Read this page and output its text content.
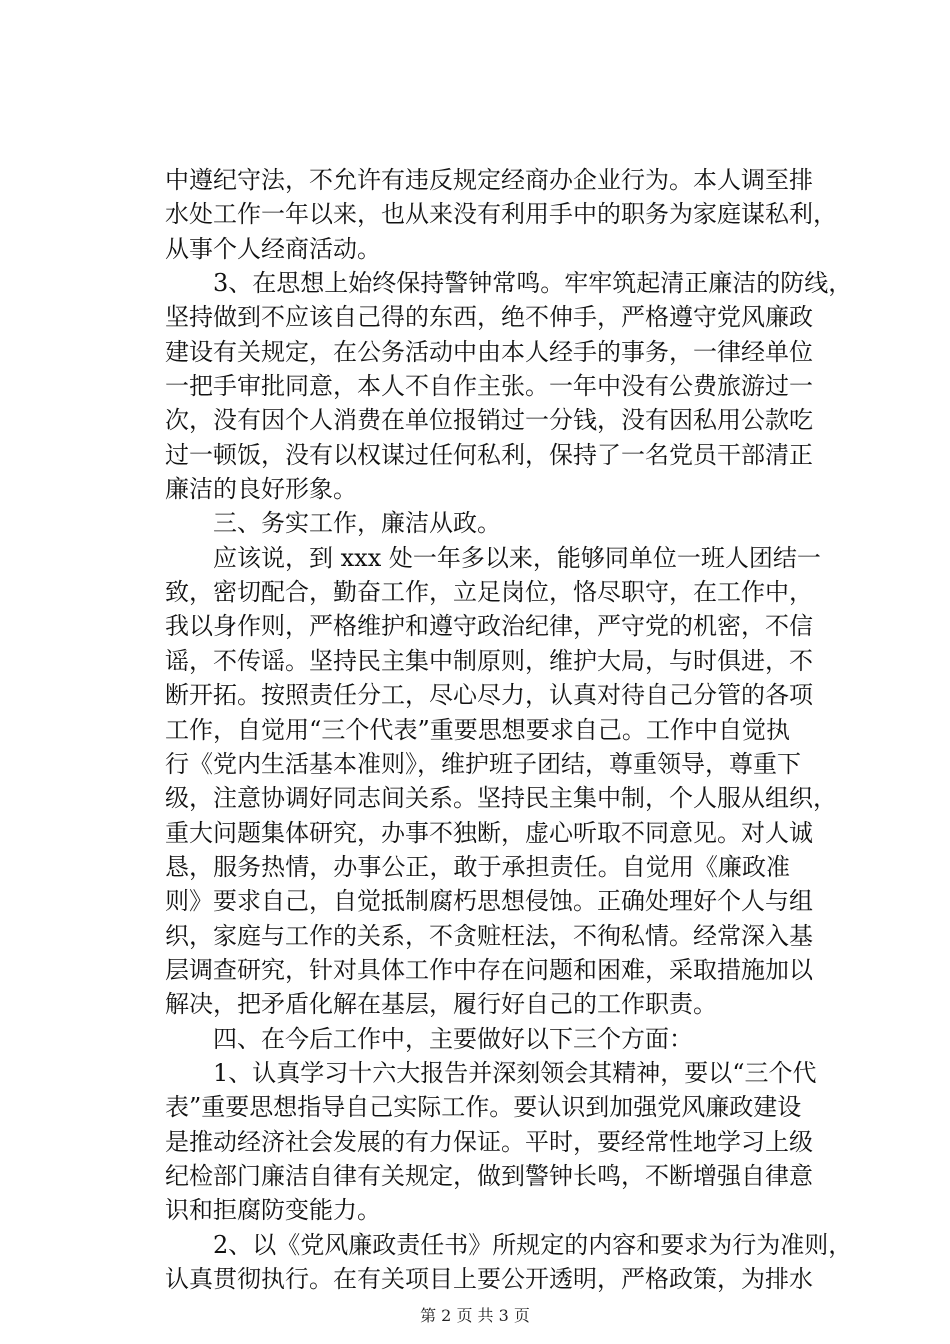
中遵纪守法，不允许有违反规定经商办企业行为。本人调至排
水处工作一年以来，也从来没有利用手中的职务为家庭谋私利，
从事个人经商活动。
　　3、在思想上始终保持警钟常鸣。牢牢筑起清正廉洁的防线，
坚持做到不应该自己得的东西，绝不伸手，严格遵守党风廉政
建设有关规定，在公务活动中由本人经手的事务，一律经单位
一把手审批同意，本人不自作主张。一年中没有公费旅游过一
次，没有因个人消费在单位报销过一分钱，没有因私用公款吃
过一顿饭，没有以权谋过任何私利，保持了一名党员干部清正
廉洁的良好形象。
　　三、务实工作，廉洁从政。
　　应该说，到 xxx 处一年多以来，能够同单位一班人团结一
致，密切配合，勤奋工作，立足岗位，恪尽职守，在工作中，
我以身作则，严格维护和遵守政治纪律，严守党的机密，不信
谣，不传谣。坚持民主集中制原则，维护大局，与时俱进，不
断开拓。按照责任分工，尽心尽力，认真对待自己分管的各项
工作，自觉用“三个代表”重要思想要求自己。工作中自觉执
行《党内生活基本准则》，维护班子团结，尊重领导，尊重下
级，注意协调好同志间关系。坚持民主集中制，个人服从组织，
重大问题集体研究，办事不独断，虚心听取不同意见。对人诚
恳，服务热情，办事公正，敢于承担责任。自觉用《廉政准
则》要求自己，自觉抵制腐朽思想侵蚀。正确处理好个人与组
织，家庭与工作的关系，不贪赃枉法，不徇私情。经常深入基
层调查研究，针对具体工作中存在问题和困难，采取措施加以
解决，把矛盾化解在基层，履行好自己的工作职责。
　　四、在今后工作中，主要做好以下三个方面：
　　1、认真学习十六大报告并深刻领会其精神，要以“三个代
表”重要思想指导自己实际工作。要认识到加强党风廉政建设
是推动经济社会发展的有力保证。平时，要经常性地学习上级
纪检部门廉洁自律有关规定，做到警钟长鸣，不断增强自律意
识和拒腐防变能力。
　　2、以《党风廉政责任书》所规定的内容和要求为行为准则，
认真贯彻执行。在有关项目上要公开透明，严格政策，为排水
第 2 页 共 3 页
